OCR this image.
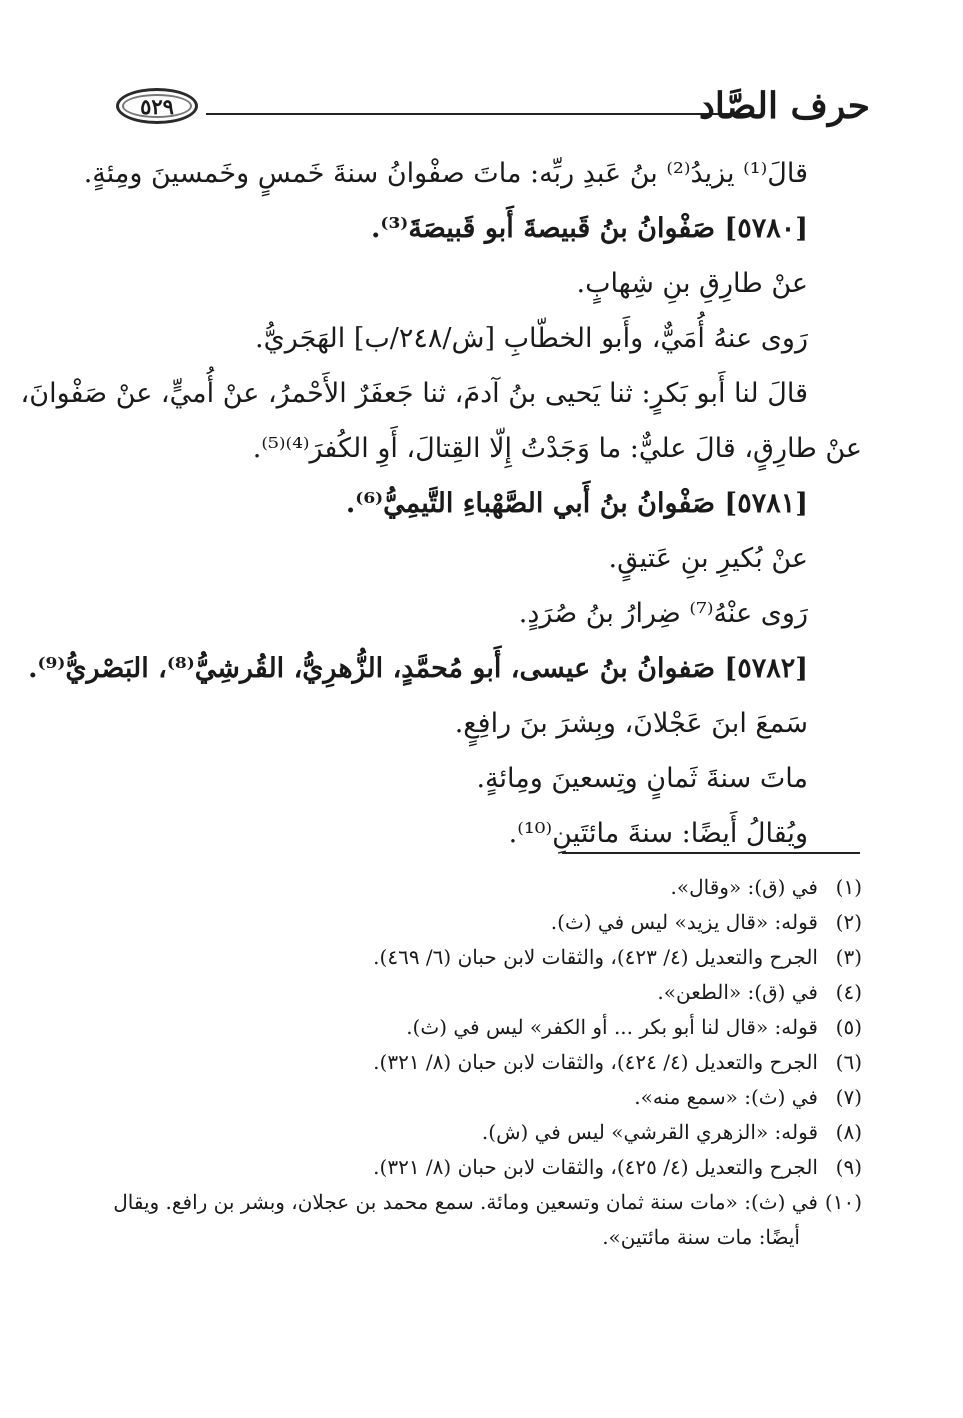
٥٢٩	حرف الصَّاد
قالَ⁽¹⁾ يزيدُ⁽²⁾ بنُ عَبدِ ربِّه: ماتَ صفْوانُ سنةَ خَمسٍ وخَمسينَ ومِئةٍ.
[٥٧٨٠] صَفْوانُ بنُ قَبيصةَ أَبو قَبيصَةَ⁽³⁾.
عنْ طارِقِ بنِ شِهابٍ.
رَوى عنهُ أُمَيٌّ، وأَبو الخطّابِ [ش/٢٤٨/ب] الهَجَريُّ.
قالَ لنا أَبو بَكرٍ: ثنا يَحيى بنُ آدمَ، ثنا جَعفَرٌ الأَحْمرُ، عنْ أُميٍّ، عنْ صَفْوانَ،
عنْ طارِقٍ، قالَ عليٌّ: ما وَجَدْتُ إِلّا القِتالَ، أَوِ الكُفرَ⁽⁴⁾⁽⁵⁾.
[٥٧٨١] صَفْوانُ بنُ أَبي الصَّهْباءِ التَّيمِيُّ⁽⁶⁾.
عنْ بُكيرِ بنِ عَتيقٍ.
رَوى عنْهُ⁽⁷⁾ ضِرارُ بنُ صُرَدٍ.
[٥٧٨٢] صَفوانُ بنُ عيسى، أَبو مُحمَّدٍ، الزُّهرِيُّ، القُرشِيُّ⁽⁸⁾، البَصْريُّ⁽⁹⁾.
سَمعَ ابنَ عَجْلانَ، وبِشرَ بنَ رافِعٍ.
ماتَ سنةَ ثَمانٍ وتِسعينَ ومِائةٍ.
ويُقالُ أَيضًا: سنةَ مائتَينِ⁽¹⁰⁾.
(١)في (ق): «وقال».
(٢)قوله: «قال يزيد» ليس في (ث).
(٣)الجرح والتعديل (٤/ ٤٢٣)، والثقات لابن حبان (٦/ ٤٦٩).
(٤)في (ق): «الطعن».
(٥)قوله: «قال لنا أبو بكر ... أو الكفر» ليس في (ث).
(٦)الجرح والتعديل (٤/ ٤٢٤)، والثقات لابن حبان (٨/ ٣٢١).
(٧)في (ث): «سمع منه».
(٨)قوله: «الزهري القرشي» ليس في (ش).
(٩)الجرح والتعديل (٤/ ٤٢٥)، والثقات لابن حبان (٨/ ٣٢١).
(١٠)في (ث): «مات سنة ثمان وتسعين ومائة. سمع محمد بن عجلان، وبشر بن رافع. ويقال
أيضًا: مات سنة مائتين».
